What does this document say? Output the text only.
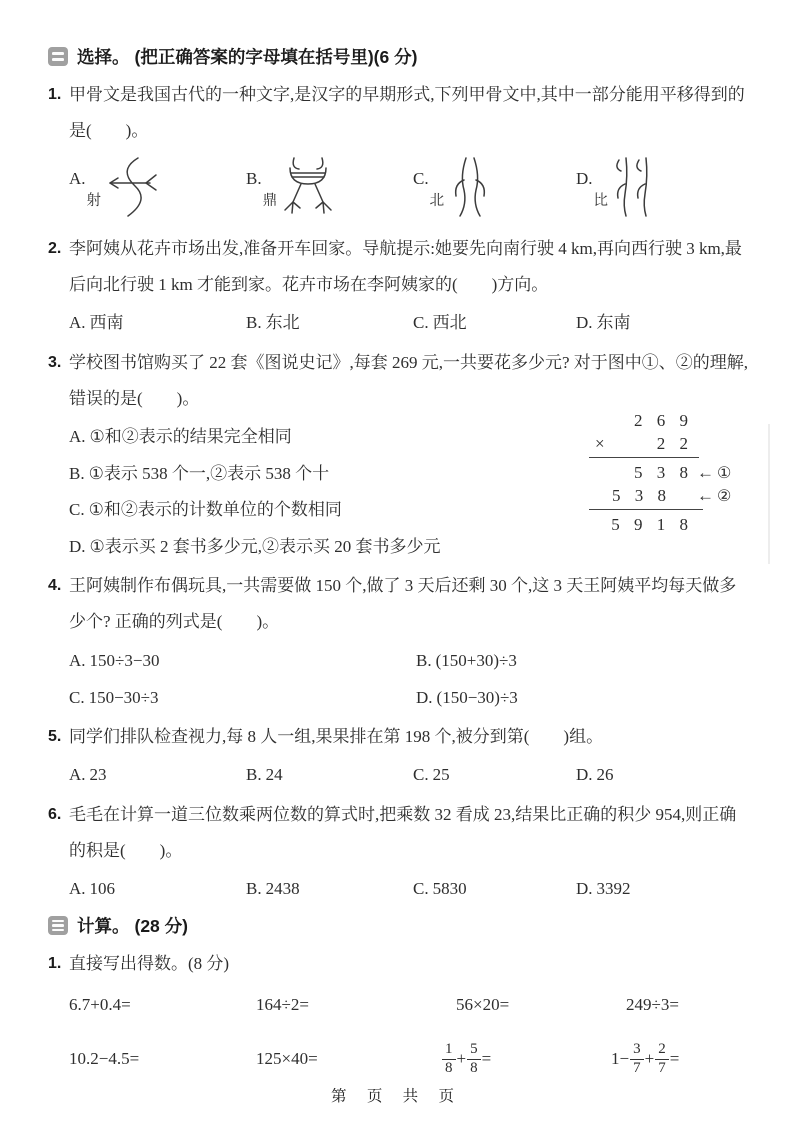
选择。 (把正确答案的字母填在括号里)(6 分)
1. 甲骨文是我国古代的一种文字,是汉字的早期形式,下列甲骨文中,其中一部分能用平移得到的是(　　)。
A.
射
B.
鼎
C.
北
D.
比
2. 李阿姨从花卉市场出发,准备开车回家。导航提示:她要先向南行驶 4 km,再向西行驶 3 km,最后向北行驶 1 km 才能到家。花卉市场在李阿姨家的(　　)方向。
A. 西南	B. 东北	C. 西北	D. 东南
3. 学校图书馆购买了 22 套《图说史记》,每套 269 元,一共要花多少元? 对于图中①、②的理解,错误的是(　　)。
A. ①和②表示的结果完全相同
B. ①表示 538 个一,②表示 538 个十
C. ①和②表示的计数单位的个数相同
D. ①表示买 2 套书多少元,②表示买 20 套书多少元
2 6 9
×	2 2
5 3 8 ← ①
5 3 8 ← ②
5 9 1 8
4. 王阿姨制作布偶玩具,一共需要做 150 个,做了 3 天后还剩 30 个,这 3 天王阿姨平均每天做多少个? 正确的列式是(　　)。
A. 150÷3−30	B. (150+30)÷3
C. 150−30÷3	D. (150−30)÷3
5. 同学们排队检查视力,每 8 人一组,果果排在第 198 个,被分到第(　　)组。
A. 23	B. 24	C. 25	D. 26
6. 毛毛在计算一道三位数乘两位数的算式时,把乘数 32 看成 23,结果比正确的积少 954,则正确的积是(　　)。
A. 106	B. 2438	C. 5830	D. 3392
计算。 (28 分)
1. 直接写出得数。(8 分)
6.7+0.4=	164÷2=	56×20=	249÷3=
10.2−4.5=	125×40=	$\frac{1}{8} + \frac{5}{8}$ =	$1- \frac{3}{7} + \frac{2}{7}$ =
第 页 共 页
